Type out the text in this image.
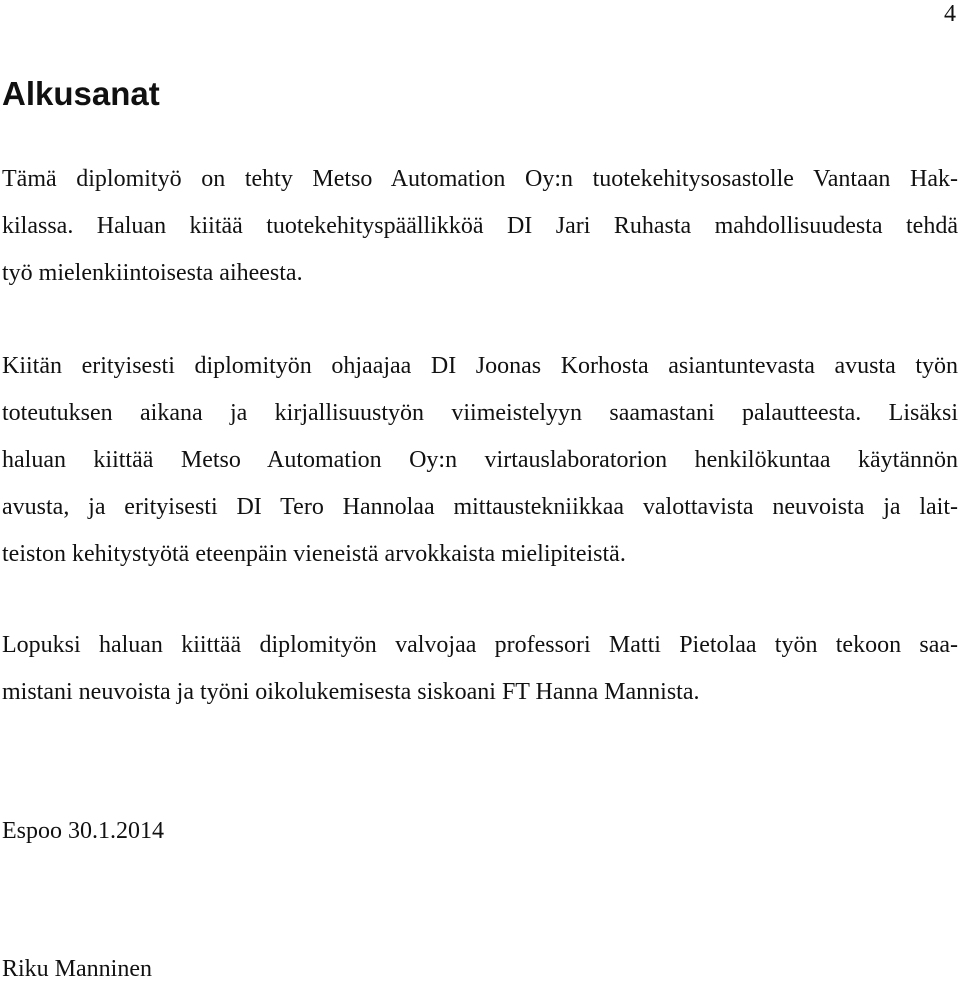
4
Alkusanat
Tämä diplomityö on tehty Metso Automation Oy:n tuotekehitysosastolle Vantaan Hak-
kilassa. Haluan kiitää tuotekehityspäällikköä DI Jari Ruhasta mahdollisuudesta tehdä
työ mielenkiintoisesta aiheesta.
Kiitän erityisesti diplomityön ohjaajaa DI Joonas Korhosta asiantuntevasta avusta työn
toteutuksen aikana ja kirjallisuustyön viimeistelyyn saamastani palautteesta. Lisäksi
haluan kiittää Metso Automation Oy:n virtauslaboratorion henkilökuntaa käytännön
avusta, ja erityisesti DI Tero Hannolaa mittaustekniikkaa valottavista neuvoista ja lait-
teiston kehitystyötä eteenpäin vieneistä arvokkaista mielipiteistä.
Lopuksi haluan kiittää diplomityön valvojaa professori Matti Pietolaa työn tekoon saa-
mistani neuvoista ja työni oikolukemisesta siskoani FT Hanna Mannista.

Espoo 30.1.2014

Riku Manninen
